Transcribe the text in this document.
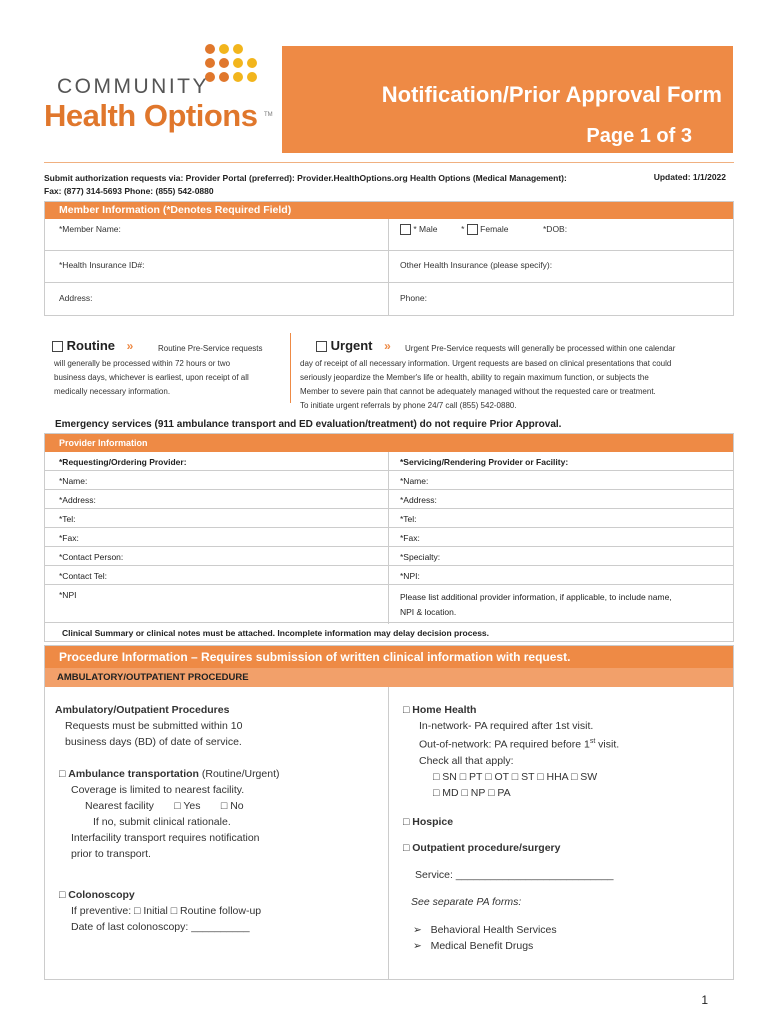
COMMUNITY
Health Options TM
Notification/Prior Approval Form
Page 1 of 3
Submit authorization requests via: Provider Portal (preferred): Provider.HealthOptions.org Health Options (Medical Management):
Fax: (877) 314-5693 Phone: (855) 542-0880
Updated: 1/1/2022
Member Information (*Denotes Required Field)
*Member Name:	* Male	* Female	*DOB:
*Health Insurance ID#:	Other Health Insurance (please specify):
Address:	Phone:
Routine »	Routine Pre-Service requests
will generally be processed within 72 hours or two
business days, whichever is earliest, upon receipt of all
medically necessary information.
Urgent » Urgent Pre-Service requests will generally be processed within one calendar
day of receipt of all necessary information. Urgent requests are based on clinical presentations that could
seriously jeopardize the Member's life or health, ability to regain maximum function, or subjects the
Member to severe pain that cannot be adequately managed without the requested care or treatment.
To initiate urgent referrals by phone 24/7 call (855) 542-0880.
Emergency services (911 ambulance transport and ED evaluation/treatment) do not require Prior Approval.
Provider Information
*Requesting/Ordering Provider:	*Servicing/Rendering Provider or Facility:
*Name:	*Name:
*Address:	*Address:
*Tel:	*Tel:
*Fax:	*Fax:
*Contact Person:	*Specialty:
*Contact Tel:	*NPI:
*NPI	Please list additional provider information, if applicable, to include name,
NPI & location.
Clinical Summary or clinical notes must be attached. Incomplete information may delay decision process.
Procedure Information – Requires submission of written clinical information with request.
AMBULATORY/OUTPATIENT PROCEDURE
Ambulatory/Outpatient Procedures
Requests must be submitted within 10
business days (BD) of date of service.
□ Ambulance transportation (Routine/Urgent)
Coverage is limited to nearest facility.
Nearest facility □ Yes □ No
If no, submit clinical rationale.
Interfacility transport requires notification
prior to transport.
□ Colonoscopy
If preventive: □ Initial □ Routine follow-up
Date of last colonoscopy: __________
□ Home Health
In-network- PA required after 1st visit.
Out-of-network: PA required before 1st visit.
Check all that apply:
□ SN □ PT □ OT □ ST □ HHA □ SW
□ MD □ NP □ PA
□ Hospice
□ Outpatient procedure/surgery
Service: ___________________________
See separate PA forms:
➢ Behavioral Health Services
➢ Medical Benefit Drugs
1
